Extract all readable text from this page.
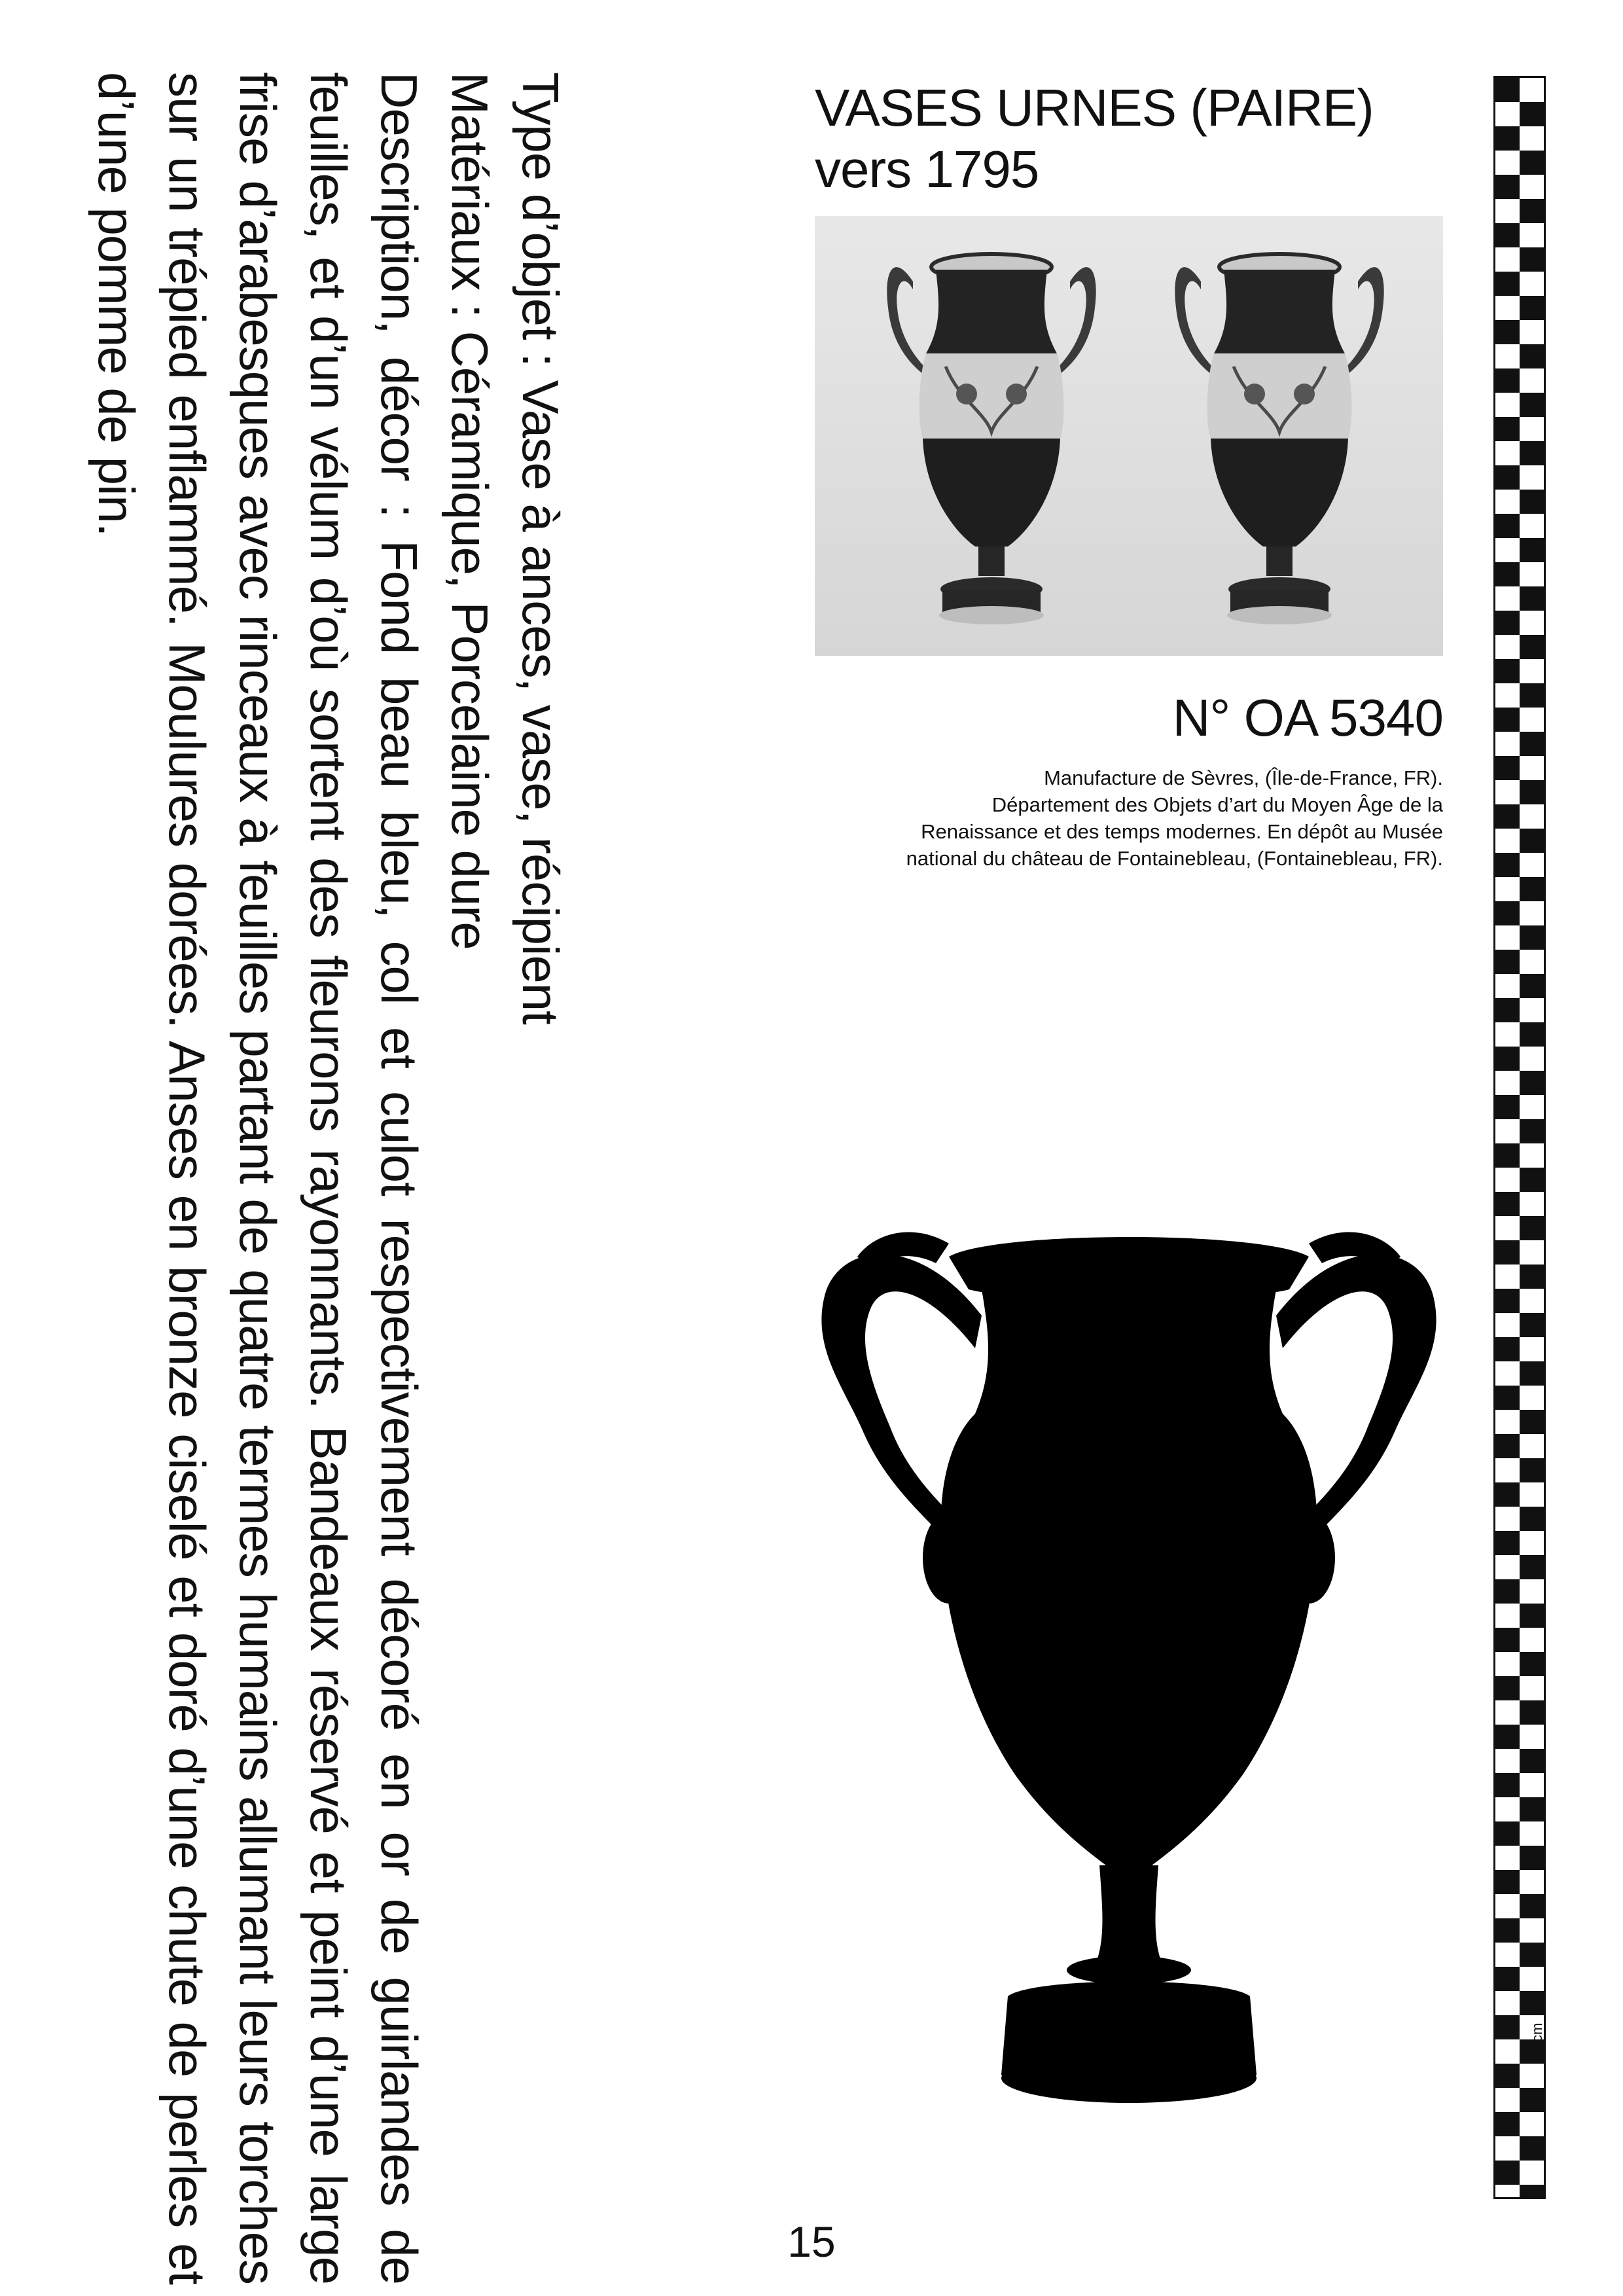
Type d’objet : Vase à ances, vase, récipient
Matériaux : Céramique, Porcelaine dure
Description, décor : Fond beau bleu, col et culot respectivement décoré en or de guirlandes de feuilles, et d’un vélum d’où sortent des fleurons rayonnants. Bandeaux réservé et peint d’une large frise d’arabesques avec rinceaux à feuilles partant de quatre termes humains allumant leurs torches sur un trépied enflammé. Moulures dorées. Anses en bronze ciselé et doré d’une chute de perles et d’une pomme de pin.	VASES URNES (PAIRE)
vers 1795
N° OA 5340
Manufacture de Sèvres, (Île-de-France, FR).
Département des Objets d’art du Moyen Âge de la
Renaissance et des temps modernes. En dépôt au Musée
national du château de Fontainebleau, (Fontainebleau, FR).
50
cm
15
